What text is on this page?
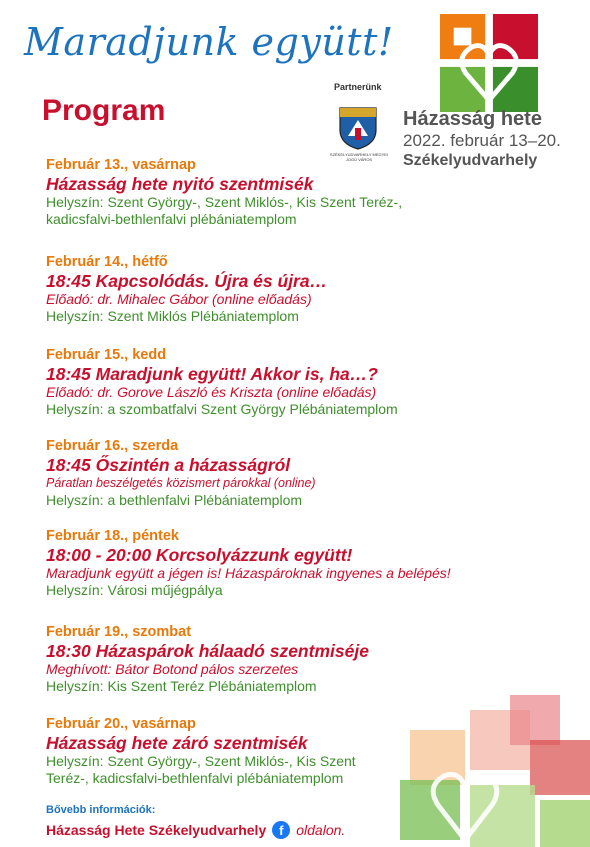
Maradjunk együtt!
Program
Partnerünk
SZÉKELYUDVARHELY MEGYEI JOGÚ VÁROS
Házasság hete
2022. február 13–20.
Székelyudvarhely
Február 13., vasárnap
Házasság hete nyitó szentmisék
Helyszín: Szent György-, Szent Miklós-, Kis Szent Teréz-,
kadicsfalvi-bethlenfalvi plébániatemplom
Február 14., hétfő
18:45 Kapcsolódás. Újra és újra…
Előadó: dr. Mihalec Gábor (online előadás)
Helyszín: Szent Miklós Plébániatemplom
Február 15., kedd
18:45 Maradjunk együtt! Akkor is, ha…?
Előadó: dr. Gorove László és Kriszta (online előadás)
Helyszín: a szombatfalvi Szent György Plébániatemplom
Február 16., szerda
18:45 Őszintén a házasságról
Páratlan beszélgetés közismert párokkal (online)
Helyszín: a bethlenfalvi Plébániatemplom
Február 18., péntek
18:00 - 20:00 Korcsolyázzunk együtt!
Maradjunk együtt a jégen is! Házaspároknak ingyenes a belépés!
Helyszín: Városi műjégpálya
Február 19., szombat
18:30 Házaspárok hálaadó szentmiséje
Meghívott: Bátor Botond pálos szerzetes
Helyszín: Kis Szent Teréz Plébániatemplom
Február 20., vasárnap
Házasság hete záró szentmisék
Helyszín: Szent György-, Szent Miklós-, Kis Szent
Teréz-, kadicsfalvi-bethlenfalvi plébániatemplom
Bővebb információk:
Házasság Hete Székelyudvarhely f oldalon.
